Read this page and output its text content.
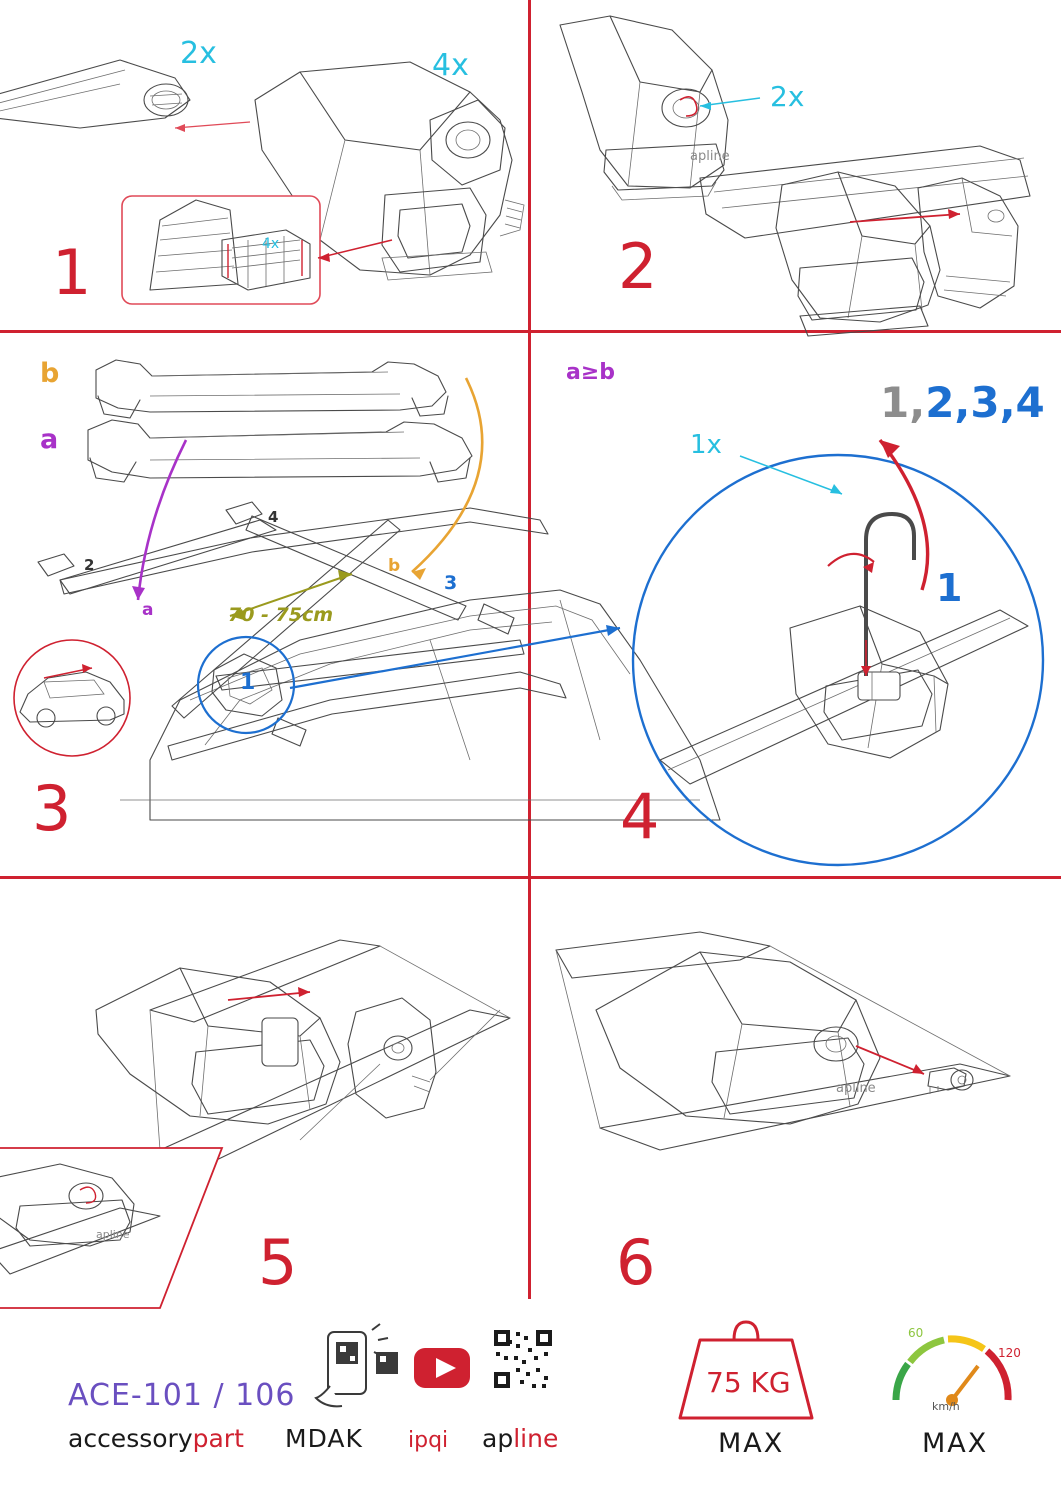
apline
apline
apline
2x	4x
4x
1
2x
2
b
a
a
b
70 - 75cm
1
2
3
4
3
a≥b
1x
1
1,2,3,4
4
5	6
ACE-101 / 106
accessorypart MDAK ipqi apline
75 KG
MAX	MAX
km/h
60
120
